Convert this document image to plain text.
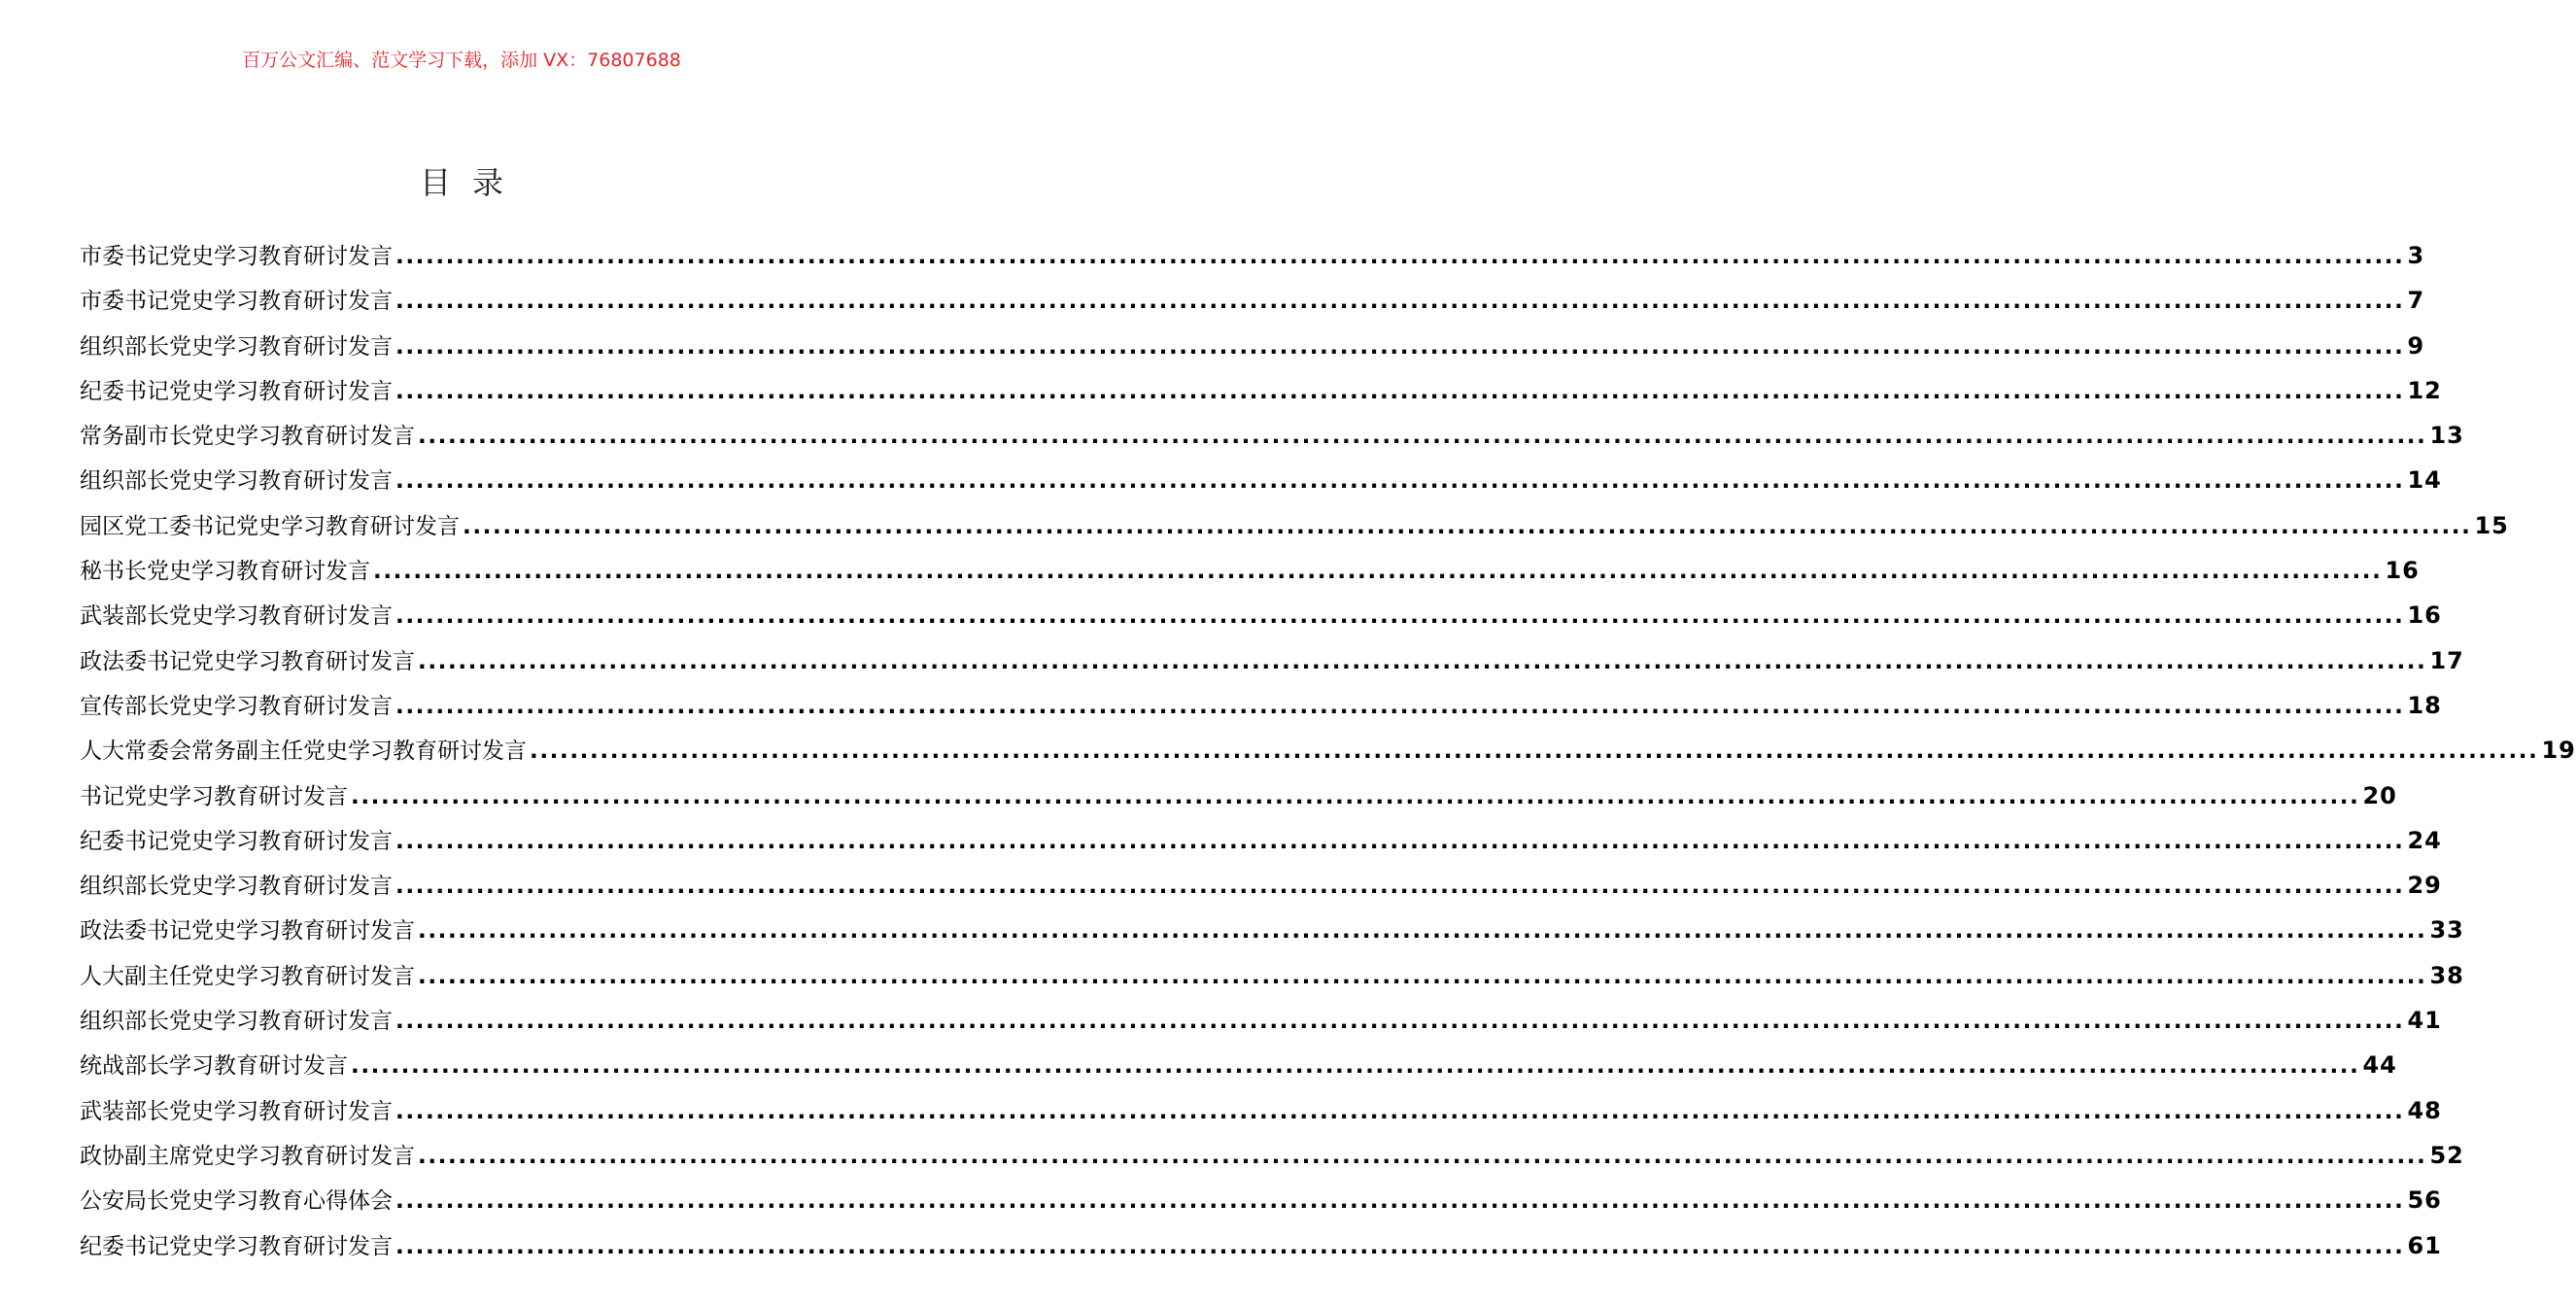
百万公文汇编、范文学习下载，添加 VX：76807688
目录
市委书记党史学习教育研讨发言 ........................................................................................................................................................................................................ 3
市委书记党史学习教育研讨发言 ........................................................................................................................................................................................................ 7
组织部长党史学习教育研讨发言 ........................................................................................................................................................................................................ 9
纪委书记党史学习教育研讨发言 ........................................................................................................................................................................................................ 12
常务副市长党史学习教育研讨发言 ........................................................................................................................................................................................................ 13
组织部长党史学习教育研讨发言 ........................................................................................................................................................................................................ 14
园区党工委书记党史学习教育研讨发言 ........................................................................................................................................................................................................ 15
秘书长党史学习教育研讨发言 ........................................................................................................................................................................................................ 16
武装部长党史学习教育研讨发言 ........................................................................................................................................................................................................ 16
政法委书记党史学习教育研讨发言 ........................................................................................................................................................................................................ 17
宣传部长党史学习教育研讨发言 ........................................................................................................................................................................................................ 18
人大常委会常务副主任党史学习教育研讨发言 ........................................................................................................................................................................................................ 19
书记党史学习教育研讨发言 ........................................................................................................................................................................................................ 20
纪委书记党史学习教育研讨发言 ........................................................................................................................................................................................................ 24
组织部长党史学习教育研讨发言 ........................................................................................................................................................................................................ 29
政法委书记党史学习教育研讨发言 ........................................................................................................................................................................................................ 33
人大副主任党史学习教育研讨发言 ........................................................................................................................................................................................................ 38
组织部长党史学习教育研讨发言 ........................................................................................................................................................................................................ 41
统战部长学习教育研讨发言 ........................................................................................................................................................................................................ 44
武装部长党史学习教育研讨发言 ........................................................................................................................................................................................................ 48
政协副主席党史学习教育研讨发言 ........................................................................................................................................................................................................ 52
公安局长党史学习教育心得体会 ........................................................................................................................................................................................................ 56
纪委书记党史学习教育研讨发言 ........................................................................................................................................................................................................ 61
